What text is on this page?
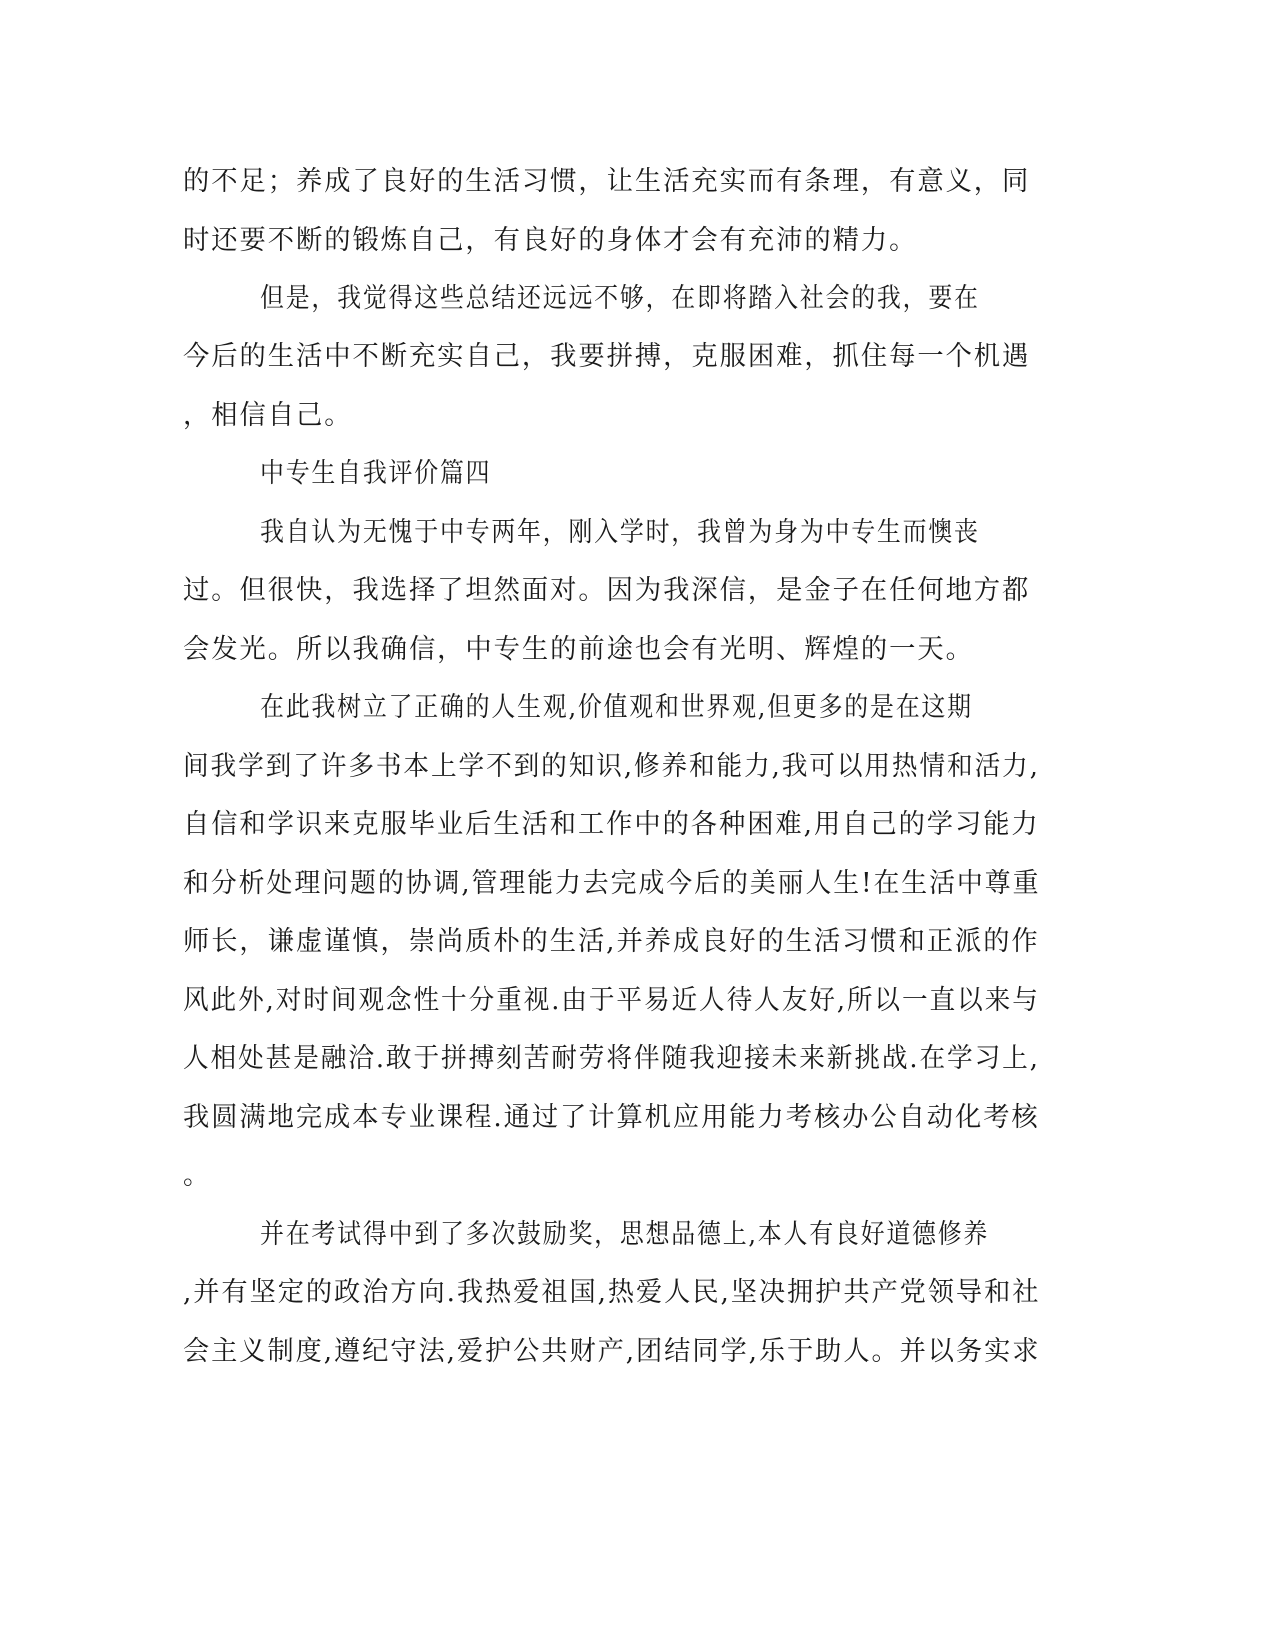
的不足；养成了良好的生活习惯，让生活充实而有条理，有意义，同
时还要不断的锻炼自己，有良好的身体才会有充沛的精力。
但是，我觉得这些总结还远远不够，在即将踏入社会的我，要在
今后的生活中不断充实自己，我要拼搏，克服困难，抓住每一个机遇
，相信自己。
中专生自我评价篇四
我自认为无愧于中专两年，刚入学时，我曾为身为中专生而懊丧
过。但很快，我选择了坦然面对。因为我深信，是金子在任何地方都
会发光。所以我确信，中专生的前途也会有光明、辉煌的一天。
在此我树立了正确的人生观,价值观和世界观,但更多的是在这期
间我学到了许多书本上学不到的知识,修养和能力,我可以用热情和活力,
自信和学识来克服毕业后生活和工作中的各种困难,用自己的学习能力
和分析处理问题的协调,管理能力去完成今后的美丽人生!在生活中尊重
师长，谦虚谨慎，崇尚质朴的生活,并养成良好的生活习惯和正派的作
风此外,对时间观念性十分重视.由于平易近人待人友好,所以一直以来与
人相处甚是融洽.敢于拼搏刻苦耐劳将伴随我迎接未来新挑战.在学习上,
我圆满地完成本专业课程.通过了计算机应用能力考核办公自动化考核
。
并在考试得中到了多次鼓励奖，思想品德上,本人有良好道德修养
,并有坚定的政治方向.我热爱祖国,热爱人民,坚决拥护共产党领导和社
会主义制度,遵纪守法,爱护公共财产,团结同学,乐于助人。并以务实求
